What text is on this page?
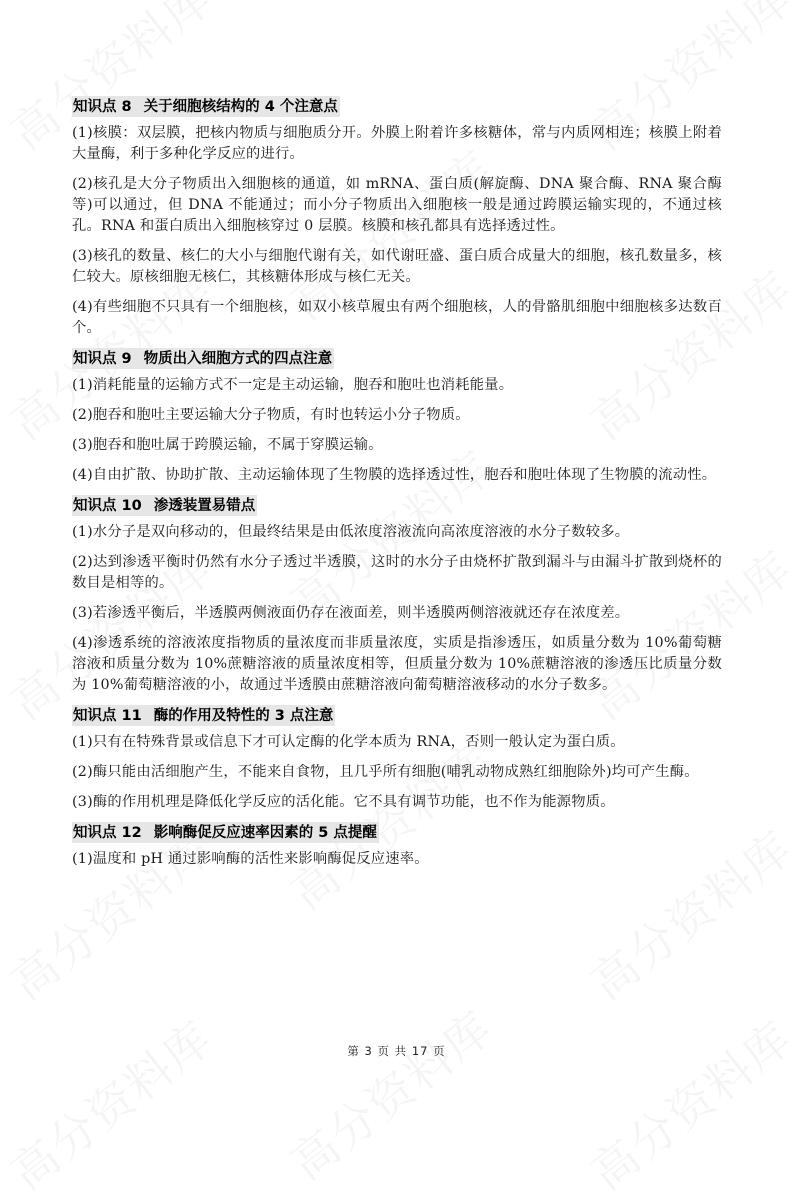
知识点 8 关于细胞核结构的 4 个注意点

(1)核膜：双层膜，把核内物质与细胞质分开。外膜上附着许多核糖体，常与内质网相连；核膜上附着大量酶，利于多种化学反应的进行。

(2)核孔是大分子物质出入细胞核的通道，如 mRNA、蛋白质(解旋酶、DNA 聚合酶、RNA 聚合酶等)可以通过，但 DNA 不能通过；而小分子物质出入细胞核一般是通过跨膜运输实现的，不通过核孔。RNA 和蛋白质出入细胞核穿过 0 层膜。核膜和核孔都具有选择透过性。

(3)核孔的数量、核仁的大小与细胞代谢有关，如代谢旺盛、蛋白质合成量大的细胞，核孔数量多，核仁较大。原核细胞无核仁，其核糖体形成与核仁无关。

(4)有些细胞不只具有一个细胞核，如双小核草履虫有两个细胞核，人的骨骼肌细胞中细胞核多达数百个。

知识点 9 物质出入细胞方式的四点注意

(1)消耗能量的运输方式不一定是主动运输，胞吞和胞吐也消耗能量。

(2)胞吞和胞吐主要运输大分子物质，有时也转运小分子物质。

(3)胞吞和胞吐属于跨膜运输，不属于穿膜运输。

(4)自由扩散、协助扩散、主动运输体现了生物膜的选择透过性，胞吞和胞吐体现了生物膜的流动性。

知识点 10 渗透装置易错点

(1)水分子是双向移动的，但最终结果是由低浓度溶液流向高浓度溶液的水分子数较多。

(2)达到渗透平衡时仍然有水分子透过半透膜，这时的水分子由烧杯扩散到漏斗与由漏斗扩散到烧杯的数目是相等的。

(3)若渗透平衡后，半透膜两侧液面仍存在液面差，则半透膜两侧溶液就还存在浓度差。

(4)渗透系统的溶液浓度指物质的量浓度而非质量浓度，实质是指渗透压，如质量分数为 10%葡萄糖溶液和质量分数为 10%蔗糖溶液的质量浓度相等，但质量分数为 10%蔗糖溶液的渗透压比质量分数为 10%葡萄糖溶液的小，故通过半透膜由蔗糖溶液向葡萄糖溶液移动的水分子数多。

知识点 11 酶的作用及特性的 3 点注意

(1)只有在特殊背景或信息下才可认定酶的化学本质为 RNA，否则一般认定为蛋白质。

(2)酶只能由活细胞产生，不能来自食物，且几乎所有细胞(哺乳动物成熟红细胞除外)均可产生酶。

(3)酶的作用机理是降低化学反应的活化能。它不具有调节功能，也不作为能源物质。

知识点 12 影响酶促反应速率因素的 5 点提醒

(1)温度和 pH 通过影响酶的活性来影响酶促反应速率。

第 3 页 共 17 页
